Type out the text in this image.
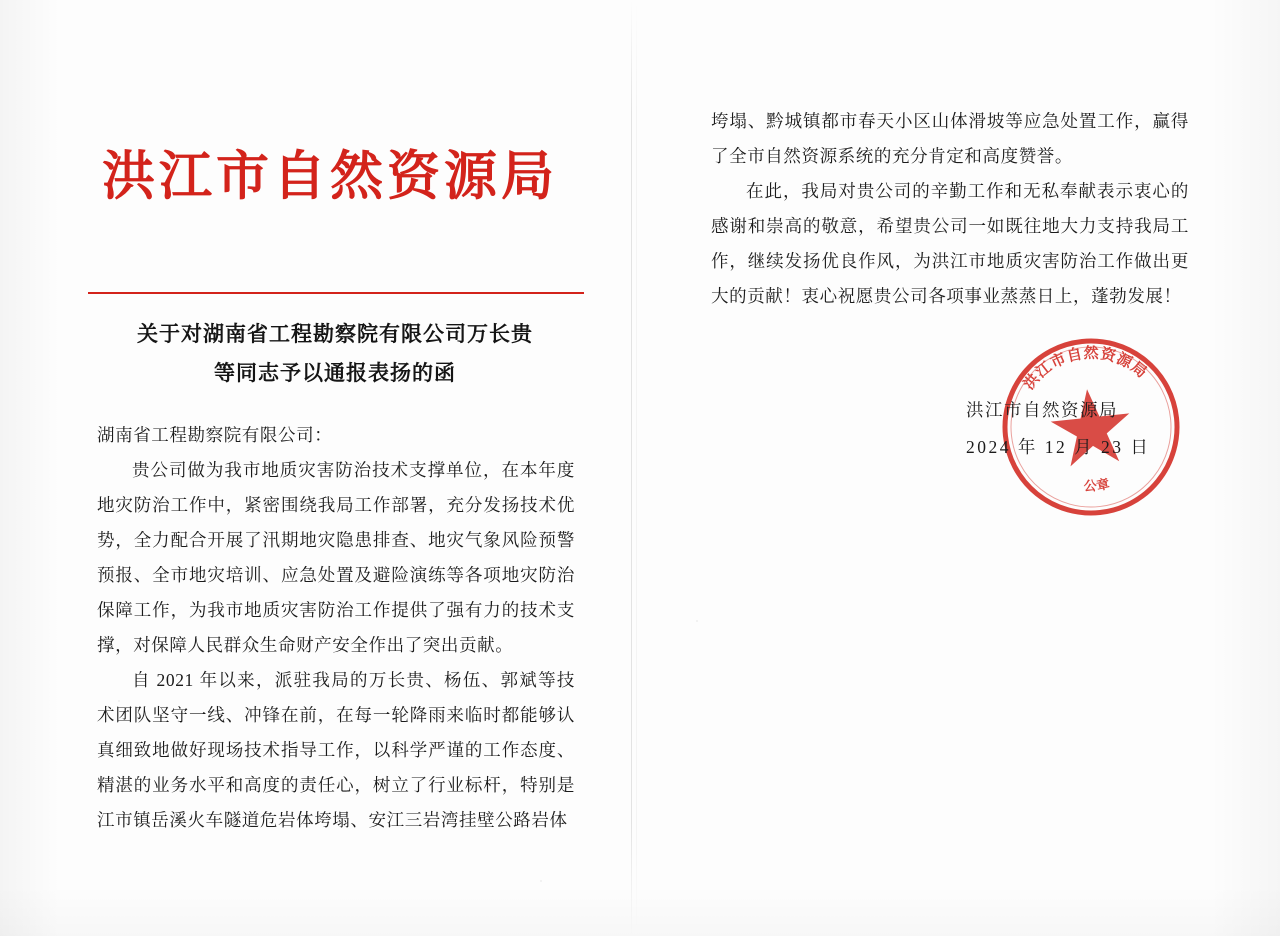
洪江市自然资源局
关于对湖南省工程勘察院有限公司万长贵
等同志予以通报表扬的函

湖南省工程勘察院有限公司：

贵公司做为我市地质灾害防治技术支撑单位，在本年度地灾防治工作中，紧密围绕我局工作部署，充分发扬技术优势，全力配合开展了汛期地灾隐患排查、地灾气象风险预警预报、全市地灾培训、应急处置及避险演练等各项地灾防治保障工作，为我市地质灾害防治工作提供了强有力的技术支撑，对保障人民群众生命财产安全作出了突出贡献。

自 2021 年以来，派驻我局的万长贵、杨伍、郭斌等技术团队坚守一线、冲锋在前，在每一轮降雨来临时都能够认真细致地做好现场技术指导工作，以科学严谨的工作态度、精湛的业务水平和高度的责任心，树立了行业标杆，特别是江市镇岳溪火车隧道危岩体垮塌、安江三岩湾挂壁公路岩体

垮塌、黔城镇都市春天小区山体滑坡等应急处置工作，赢得了全市自然资源系统的充分肯定和高度赞誉。

在此，我局对贵公司的辛勤工作和无私奉献表示衷心的感谢和崇高的敬意，希望贵公司一如既往地大力支持我局工作，继续发扬优良作风，为洪江市地质灾害防治工作做出更大的贡献！衷心祝愿贵公司各项事业蒸蒸日上，蓬勃发展！

洪江市自然资源局
公章
洪江市自然资源局
2024 年 12 月 23 日
